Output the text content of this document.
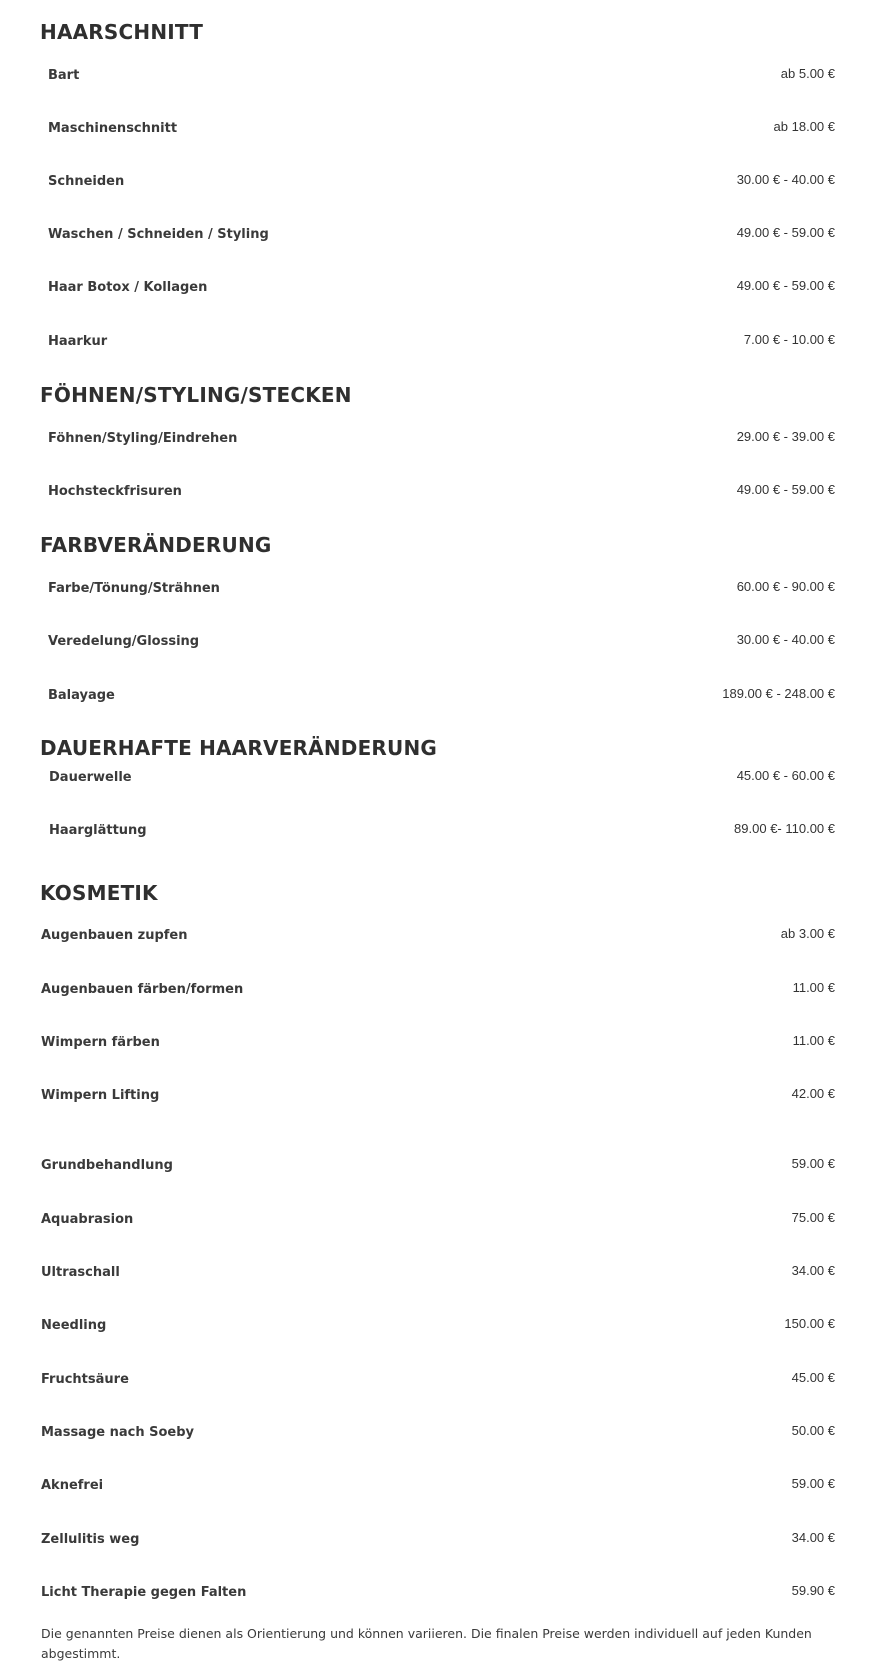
HAARSCHNITT
Bart	ab 5.00 €
Maschinenschnitt	ab 18.00 €
Schneiden	30.00 € - 40.00 €
Waschen / Schneiden / Styling	49.00 € - 59.00 €
Haar Botox / Kollagen	49.00 € - 59.00 €
Haarkur	7.00 € - 10.00 €
FÖHNEN/STYLING/STECKEN
Föhnen/Styling/Eindrehen	29.00 € - 39.00 €
Hochsteckfrisuren	49.00 € - 59.00 €
FARBVERÄNDERUNG
Farbe/Tönung/Strähnen	60.00 € - 90.00 €
Veredelung/Glossing	30.00 € - 40.00 €
Balayage	189.00 € - 248.00 €
DAUERHAFTE HAARVERÄNDERUNG
Dauerwelle	45.00 € - 60.00 €
Haarglättung	89.00 €- 110.00 €
KOSMETIK
Augenbauen zupfen	ab 3.00 €
Augenbauen färben/formen	11.00 €
Wimpern färben	11.00 €
Wimpern Lifting	42.00 €
Grundbehandlung	59.00 €
Aquabrasion	75.00 €
Ultraschall	34.00 €
Needling	150.00 €
Fruchtsäure	45.00 €
Massage nach Soeby	50.00 €
Aknefrei	59.00 €
Zellulitis weg	34.00 €
Licht Therapie gegen Falten	59.90 €

Die genannten Preise dienen als Orientierung und können variieren. Die finalen Preise werden individuell auf jeden Kunden abgestimmt.
